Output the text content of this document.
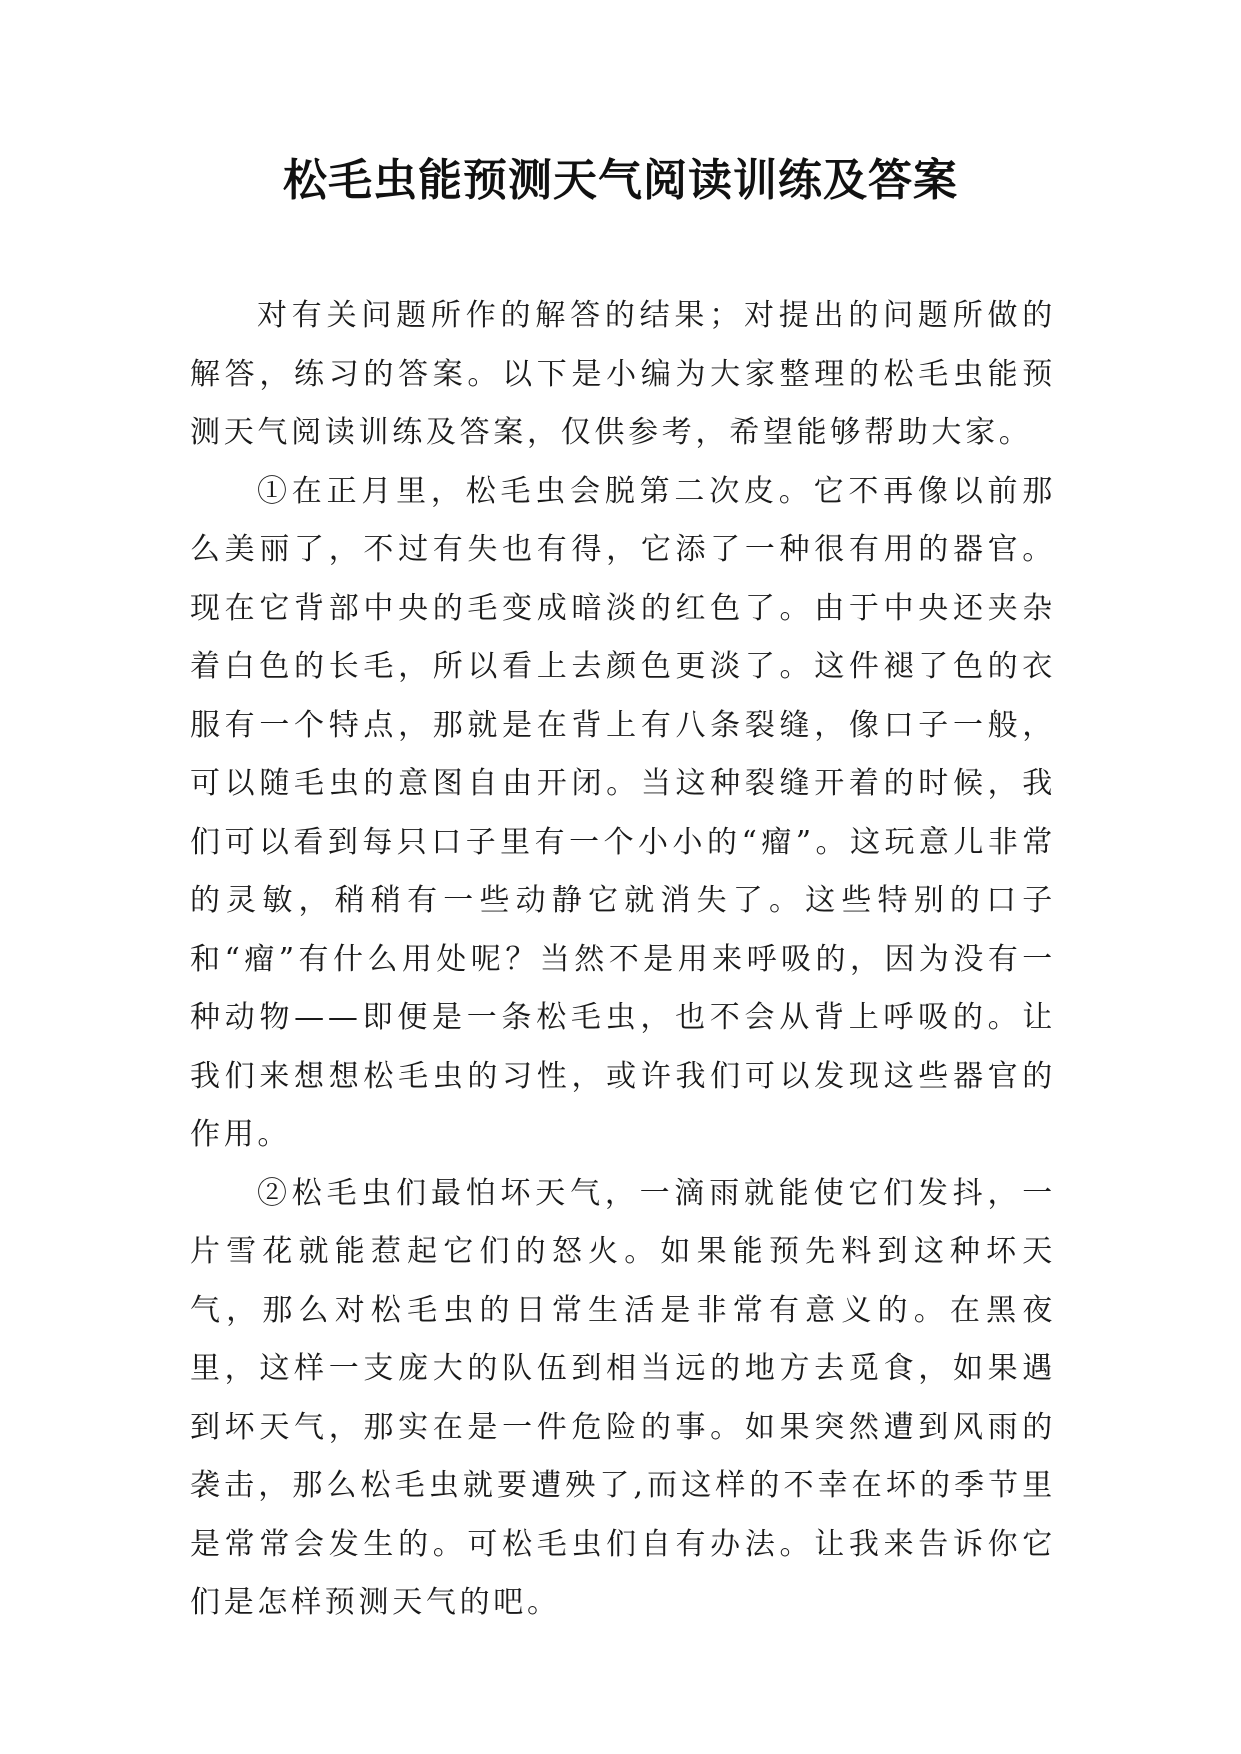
松毛虫能预测天气阅读训练及答案

对有关问题所作的解答的结果；对提出的问题所做的解答，练习的答案。以下是小编为大家整理的松毛虫能预测天气阅读训练及答案，仅供参考，希望能够帮助大家。

①在正月里，松毛虫会脱第二次皮。它不再像以前那么美丽了，不过有失也有得，它添了一种很有用的器官。现在它背部中央的毛变成暗淡的红色了。由于中央还夹杂着白色的长毛，所以看上去颜色更淡了。这件褪了色的衣服有一个特点，那就是在背上有八条裂缝，像口子一般，可以随毛虫的意图自由开闭。当这种裂缝开着的时候，我们可以看到每只口子里有一个小小的“瘤”。这玩意儿非常的灵敏，稍稍有一些动静它就消失了。这些特别的口子和“瘤”有什么用处呢？当然不是用来呼吸的，因为没有一种动物——即便是一条松毛虫，也不会从背上呼吸的。让我们来想想松毛虫的习性，或许我们可以发现这些器官的作用。

②松毛虫们最怕坏天气，一滴雨就能使它们发抖，一片雪花就能惹起它们的怒火。如果能预先料到这种坏天气，那么对松毛虫的日常生活是非常有意义的。在黑夜里，这样一支庞大的队伍到相当远的地方去觅食，如果遇到坏天气，那实在是一件危险的事。如果突然遭到风雨的袭击，那么松毛虫就要遭殃了,而这样的不幸在坏的季节里是常常会发生的。可松毛虫们自有办法。让我来告诉你它们是怎样预测天气的吧。
